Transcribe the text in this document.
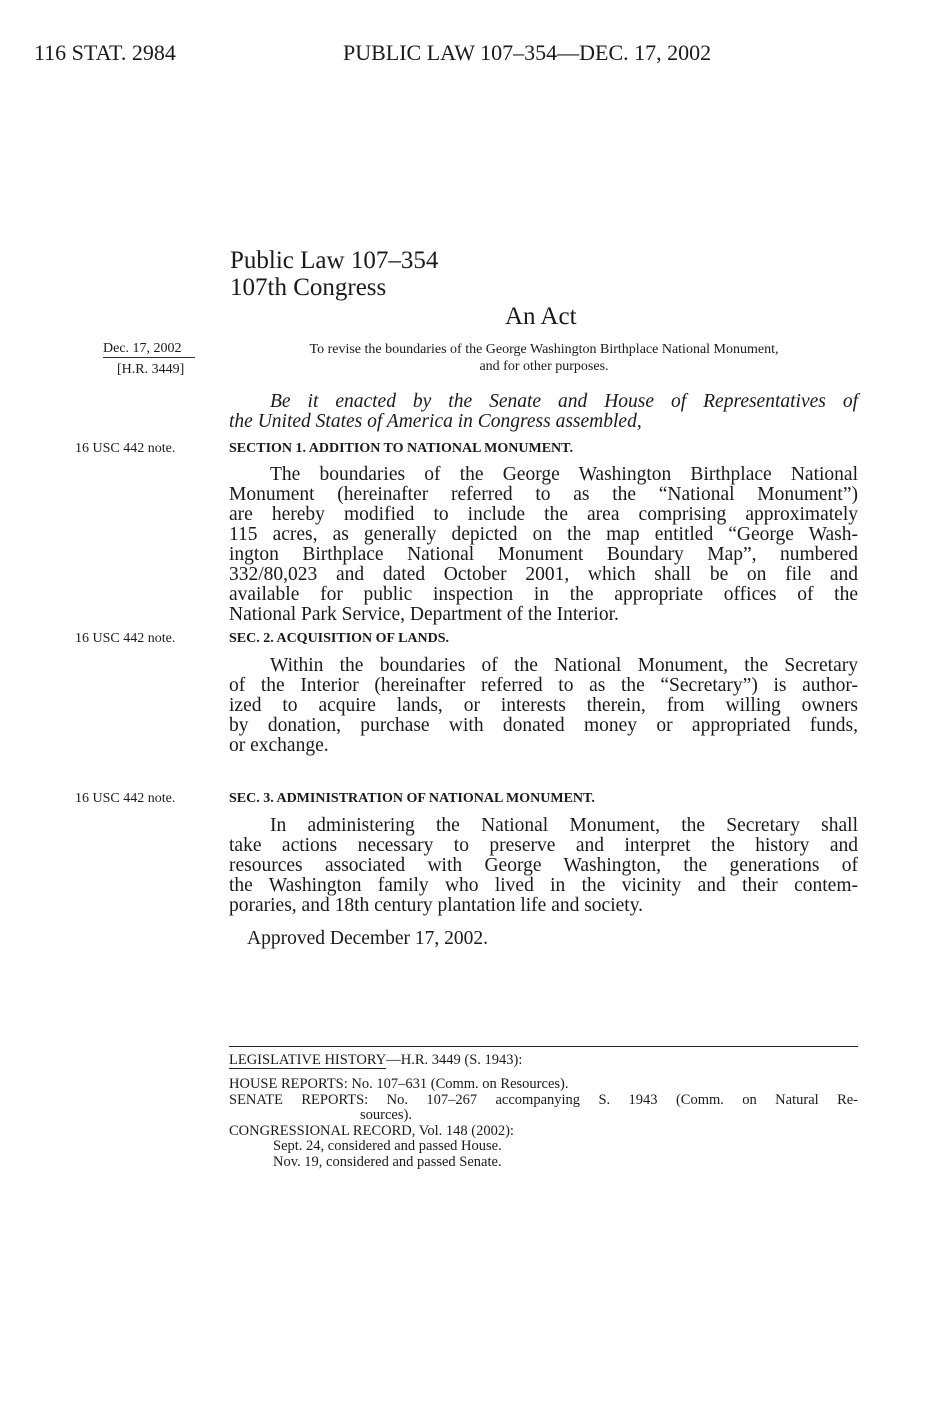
116 STAT. 2984	PUBLIC LAW 107–354—DEC. 17, 2002
Public Law 107–354
107th Congress
An Act
Dec. 17, 2002
[H.R. 3449]
To revise the boundaries of the George Washington Birthplace National Monument,
and for other purposes.
Be it enacted by the Senate and House of Representatives of
the United States of America in Congress assembled,
16 USC 442 note.
16 USC 442 note.
16 USC 442 note.
SECTION 1. ADDITION TO NATIONAL MONUMENT.
The boundaries of the George Washington Birthplace National
Monument (hereinafter referred to as the “National Monument”)
are hereby modified to include the area comprising approximately
115 acres, as generally depicted on the map entitled “George Wash-
ington Birthplace National Monument Boundary Map”, numbered
332/80,023 and dated October 2001, which shall be on file and
available for public inspection in the appropriate offices of the
National Park Service, Department of the Interior.
SEC. 2. ACQUISITION OF LANDS.
Within the boundaries of the National Monument, the Secretary
of the Interior (hereinafter referred to as the “Secretary”) is author-
ized to acquire lands, or interests therein, from willing owners
by donation, purchase with donated money or appropriated funds,
or exchange.
SEC. 3. ADMINISTRATION OF NATIONAL MONUMENT.
In administering the National Monument, the Secretary shall
take actions necessary to preserve and interpret the history and
resources associated with George Washington, the generations of
the Washington family who lived in the vicinity and their contem-
poraries, and 18th century plantation life and society.
Approved December 17, 2002.
LEGISLATIVE HISTORY—H.R. 3449 (S. 1943):
HOUSE REPORTS: No. 107–631 (Comm. on Resources).
SENATE REPORTS: No. 107–267 accompanying S. 1943 (Comm. on Natural Re-
sources).
CONGRESSIONAL RECORD, Vol. 148 (2002):
Sept. 24, considered and passed House.
Nov. 19, considered and passed Senate.
